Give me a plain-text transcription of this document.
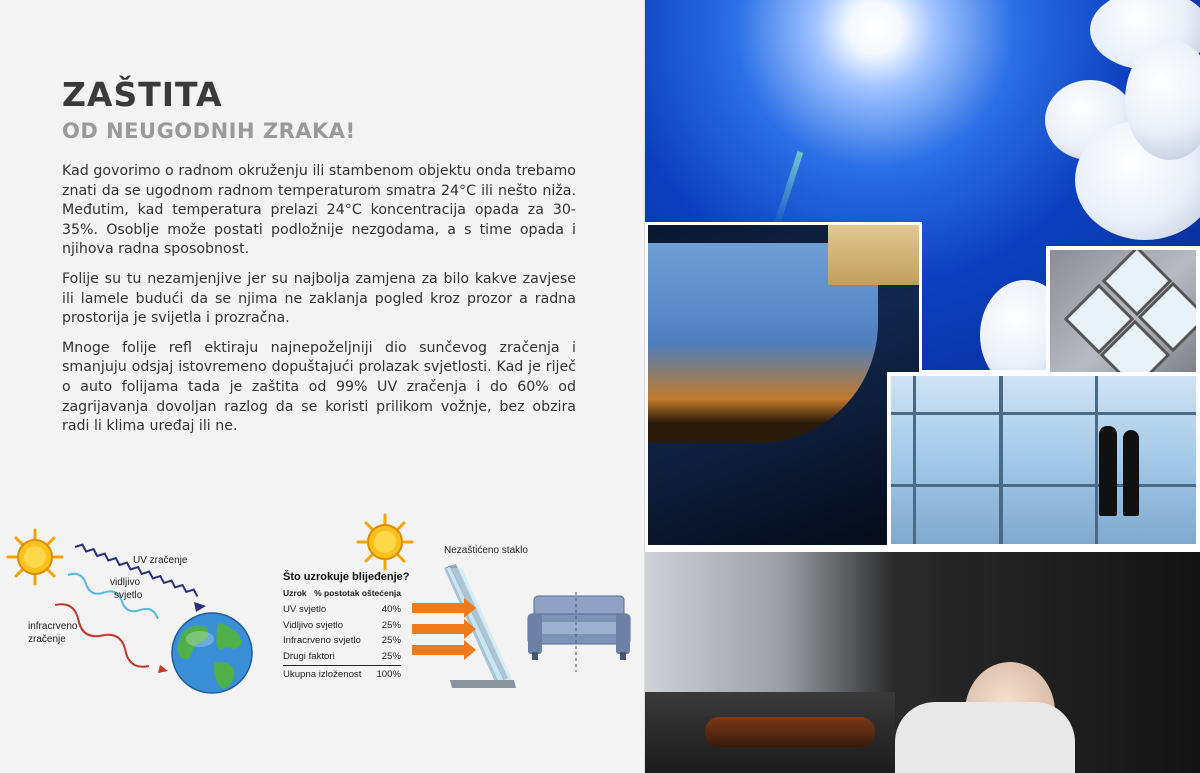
ZAŠTITA
OD NEUGODNIH ZRAKA!

Kad govorimo o radnom okruženju ili stambenom objektu onda trebamo znati da se ugodnom radnom temperaturom smatra 24°C ili nešto niža. Međutim, kad temperatura prelazi 24°C koncentracija opada za 30-35%. Osoblje može postati podložnije nezgodama, a s time opada i njihova radna sposobnost.

Folije su tu nezamjenjive jer su najbolja zamjena za bilo kakve zavjese ili lamele budući da se njima ne zaklanja pogled kroz prozor a radna prostorija je svijetla i prozračna.

Mnoge folije refl ektiraju najnepoželjniji dio sunčevog zračenja i smanjuju odsjaj istovremeno dopuštajući prolazak svjetlosti. Kad je riječ o auto folijama tada je zaštita od 99% UV zračenja i do 60% od zagrijavanja dovoljan razlog da se koristi prilikom vožnje, bez obzira radi li klima uređaj ili ne.

UV zračenje
vidljivo
svjetlo
infracrveno
zračenje
Što uzrokuje blijeđenje?
Uzrok % postotak oštećenja
UV svjetlo	40%
Vidljivo svjetlo	25%
Infracrveno svjetlo 25%
Drugi faktori	25%
Ukupna izloženost 100%
Nezaštićeno staklo
